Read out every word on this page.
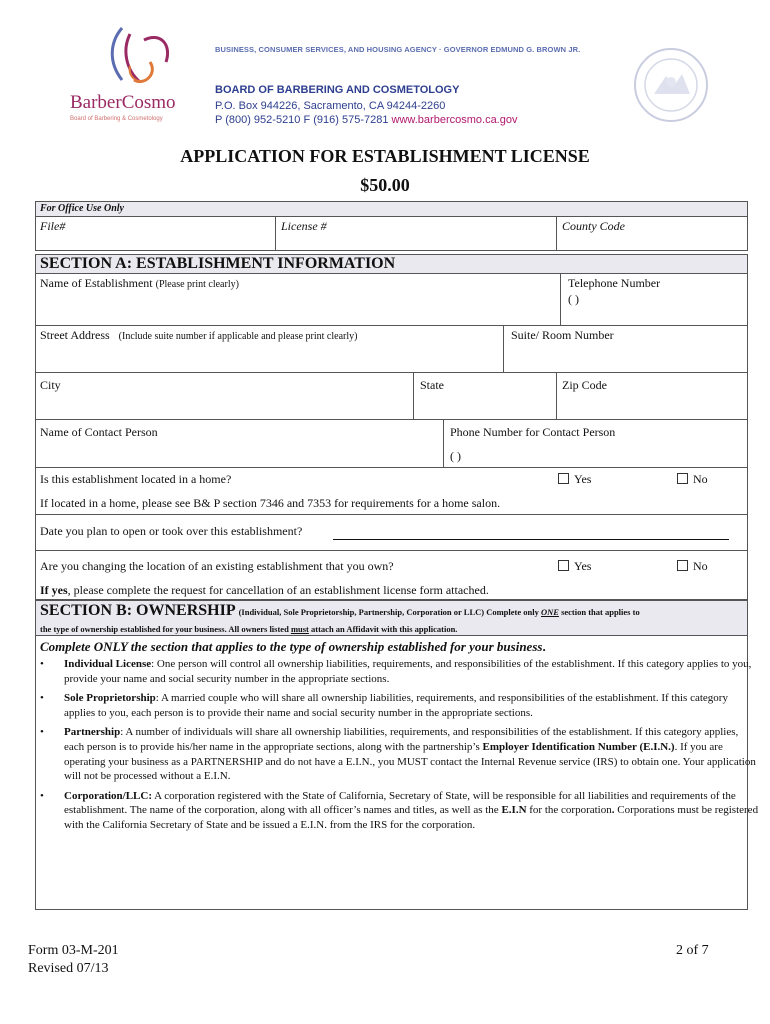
BarberCosmo
Board of Barbering & Cosmetology
BUSINESS, CONSUMER SERVICES, AND HOUSING AGENCY · GOVERNOR EDMUND G. BROWN JR.
BOARD OF BARBERING AND COSMETOLOGY
P.O. Box 944226, Sacramento, CA 94244-2260
P (800) 952-5210 F (916) 575-7281 www.barbercosmo.ca.gov
APPLICATION FOR ESTABLISHMENT LICENSE
$50.00
For Office Use Only
File#	License #	County Code
SECTION A: ESTABLISHMENT INFORMATION
Name of Establishment (Please print clearly)	Telephone Number
( )
Street Address (Include suite number if applicable and please print clearly)	Suite/ Room Number
City	State	Zip Code
Name of Contact Person	Phone Number for Contact Person
( )
Is this establishment located in a home?	Yes	No
If located in a home, please see B& P section 7346 and 7353 for requirements for a home salon.
Date you plan to open or took over this establishment?
Are you changing the location of an existing establishment that you own?	Yes	No
If yes, please complete the request for cancellation of an establishment license form attached.
SECTION B: OWNERSHIP (Individual, Sole Proprietorship, Partnership, Corporation or LLC) Complete only ONE section that applies to
the type of ownership established for your business. All owners listed must attach an Affidavit with this application.
Complete ONLY the section that applies to the type of ownership established for your business.
• Individual License: One person will control all ownership liabilities, requirements, and responsibilities of the establishment. If this category applies to you, provide your name and social security number in the appropriate sections.
• Sole Proprietorship: A married couple who will share all ownership liabilities, requirements, and responsibilities of the establishment. If this category applies to you, each person is to provide their name and social security number in the appropriate sections.
• Partnership: A number of individuals will share all ownership liabilities, requirements, and responsibilities of the establishment. If this category applies, each person is to provide his/her name in the appropriate sections, along with the partnership’s Employer Identification Number (E.I.N.). If you are operating your business as a PARTNERSHIP and do not have a E.I.N., you MUST contact the Internal Revenue service (IRS) to obtain one. Your application will not be processed without a E.I.N.
• Corporation/LLC: A corporation registered with the State of California, Secretary of State, will be responsible for all liabilities and requirements of the establishment. The name of the corporation, along with all officer’s names and titles, as well as the E.I.N for the corporation. Corporations must be registered with the California Secretary of State and be issued a E.I.N. from the IRS for the corporation.
Form 03-M-201
Revised 07/13
2 of 7
